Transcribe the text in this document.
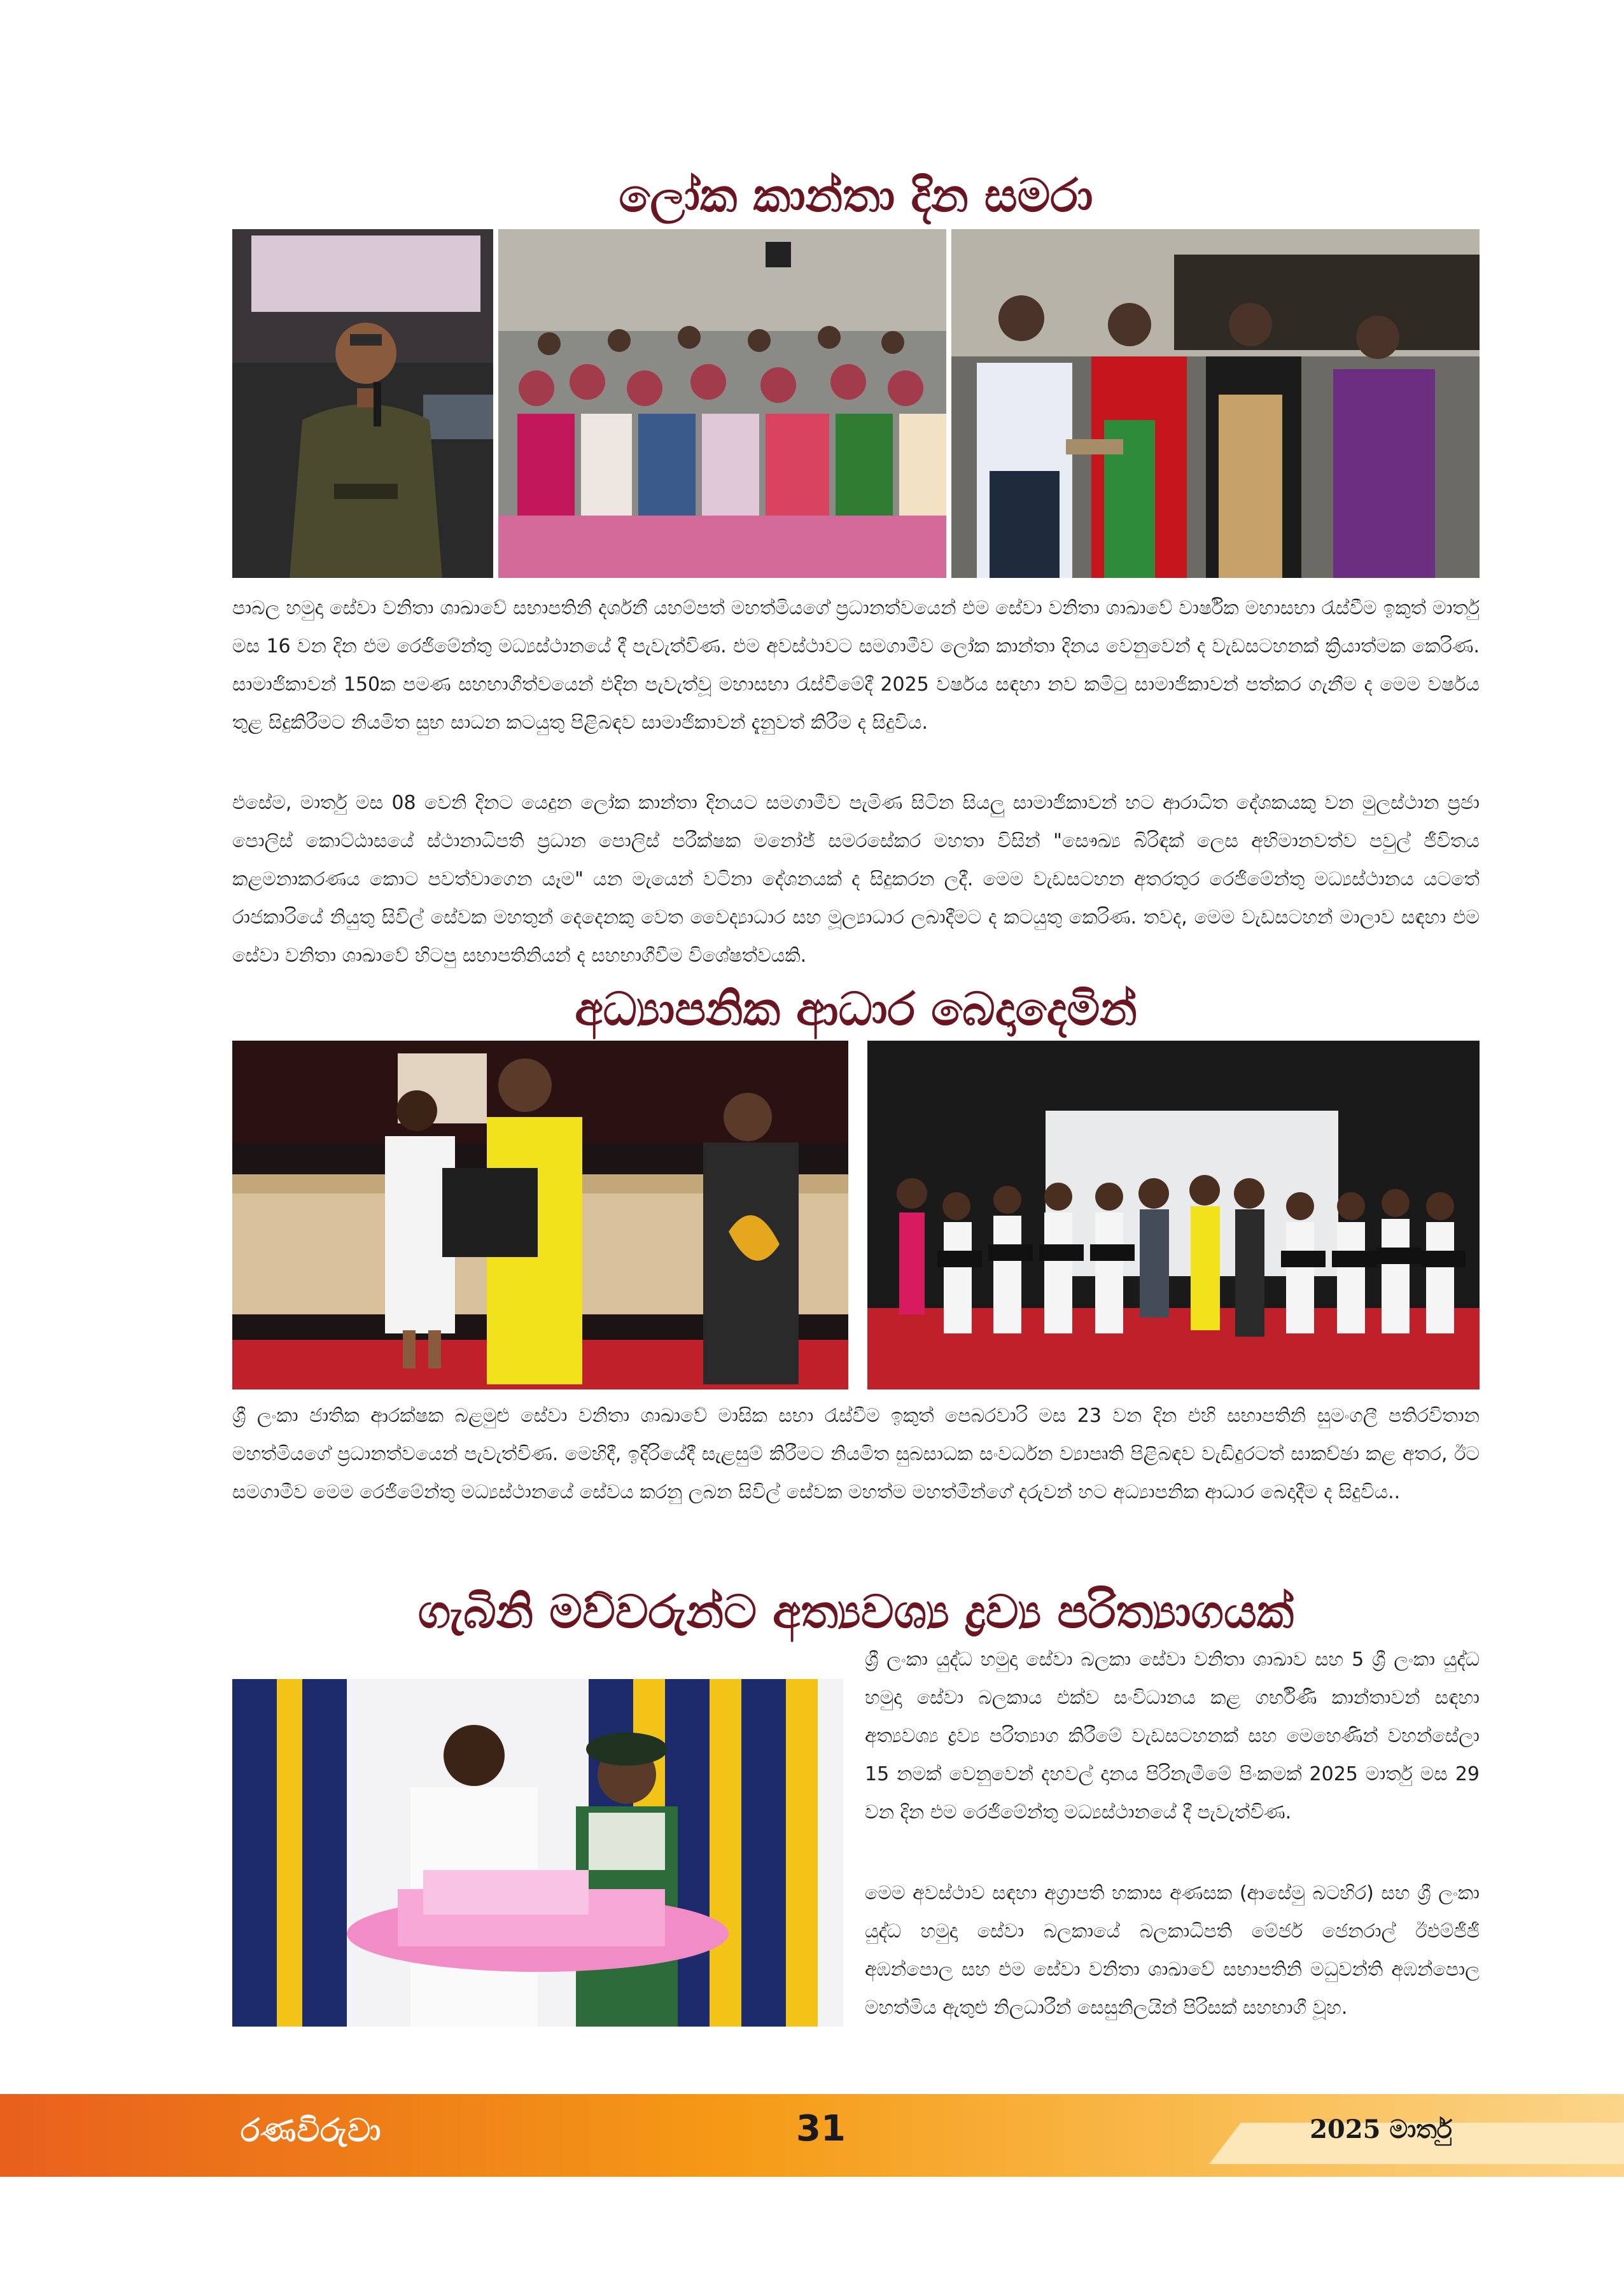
ලෝක කාන්තා දින සමරා

පාබල හමුදා සේවා වනිතා ශාඛාවේ සභාපතිනි දර්ශනී යහම්පත් මහත්මියගේ ප්‍රධානත්වයෙන් එම සේවා වනිතා ශාඛාවේ වාර්ෂික මහාසභා රැස්වීම ඉකුත් මාර්තු මස 16 වන දින එම රෙජිමේන්තු මධ්‍යස්ථානයේ දී පැවැත්විණ. එම අවස්ථාවට සමගාමීව ලෝක කාන්තා දිනය වෙනුවෙන් ද වැඩසටහනක් ක්‍රියාත්මක කෙරිණ. සාමාජිකාවන් 150ක පමණ සහභාගීත්වයෙන් එදින පැවැත්වූ මහාසභා රැස්වීමේදී 2025 වර්ෂය සඳහා නව කමිටු සාමාජිකාවන් පත්කර ගැනීම ද මෙම වර්ෂය තුළ සිදුකිරීමට නියමිත සුභ සාධන කටයුතු පිළිබඳව සාමාජිකාවන් දැනුවත් කිරීම ද සිදුවිය.

එසේම, මාර්තු මස 08 වෙනි දිනට යෙදුන ලෝක කාන්තා දිනයට සමගාමීව පැමිණ සිටින සියලු සාමාජිකාවන් හට ආරාධිත දේශකයකු වන මුලස්ථාන ප්‍රජා පොලිස් කොට්ඨාසයේ ස්ථානාධිපති ප්‍රධාන පොලිස් පරීක්ෂක මනෝජ් සමරසේකර මහතා විසින් "සෞඛ්‍ය බිරිඳක් ලෙස අභිමානවත්ව පවුල් ජීවිතය කළමනාකරණය කොට පවත්වාගෙන යෑම" යන මැයෙන් වටිනා දේශනයක් ද සිදුකරන ලදී. මෙම වැඩසටහන අතරතුර රෙජිමේන්තු මධ්‍යස්ථානය යටතේ රාජකාරියේ නියුතු සිවිල් සේවක මහතුන් දෙදෙනකු වෙත වෛද්‍යාධාර සහ මූල්‍යාධාර ලබාදීමට ද කටයුතු කෙරිණ. තවද, මෙම වැඩසටහන් මාලාව සඳහා එම සේවා වනිතා ශාඛාවේ හිටපු සභාපතිනියන් ද සහභාගීවීම විශේෂත්වයකි.

අධ්‍යාපනික ආධාර බෙදාදෙමින්

ශ්‍රී ලංකා ජාතික ආරක්ෂක බළමුළු සේවා වනිතා ශාඛාවේ මාසික සභා රැස්වීම ඉකුත් පෙබරවාරි මස 23 වන දින එහි සභාපතිනි සුමංගලී පතිරවිතාන මහත්මියගේ ප්‍රධානත්වයෙන් පැවැත්විණ. මෙහිදී, ඉදිරියේදී සැළසුම් කිරීමට නියමිත සුබසාධක සංවර්ධන ව්‍යාපෘති පිළිබඳව වැඩිදුරටත් සාකච්ඡා කළ අතර, ඊට සමගාමීව මෙම රෙජිමේන්තු මධ්‍යස්ථානයේ සේවය කරනු ලබන සිවිල් සේවක මහත්ම මහත්මීන්ගේ දරුවන් හට අධ්‍යාපනික ආධාර බෙදාදීම ද සිදුවිය..

ගැබිනි මව්වරුන්ට අත්‍යවශ්‍ය ද්‍රව්‍ය පරිත්‍යාගයක්

ශ්‍රී ලංකා යුද්ධ හමුදා සේවා බලකා සේවා වනිතා ශාඛාව සහ 5 ශ්‍රී ලංකා යුද්ධ හමුදා සේවා බලකාය එක්ව සංවිධානය කළ ගර්භිණී කාන්තාවන් සඳහා අත්‍යවශ්‍ය ද්‍රව්‍ය පරිත්‍යාග කිරීමේ වැඩසටහනක් සහ මෙහෙණින් වහන්සේලා 15 නමක් වෙනුවෙන් දහවල් දානය පිරිනැමීමේ පිංකමක් 2025 මාර්තු මස 29 වන දින එම රෙජිමේන්තු මධ්‍යස්ථානයේ දී පැවැත්විණ.

මෙම අවස්ථාව සඳහා අග්‍රාපති හකාස අණසක (ආසේමු බටහිර) සහ ශ්‍රී ලංකා යුද්ධ හමුදා සේවා බලකායේ බලකාධිපති මේජර් ජෙනරාල් ඊඑම්ජීජී අඹන්පොල සහ එම සේවා වනිතා ශාඛාවේ සභාපතිනි මධුවන්ති අඹන්පොල මහත්මිය ඇතුළු නිලධාරීන් සෙසුනිලයින් පිරිසක් සහභාගී වූහ.

රණවිරුවා	31	2025 මාර්තු
